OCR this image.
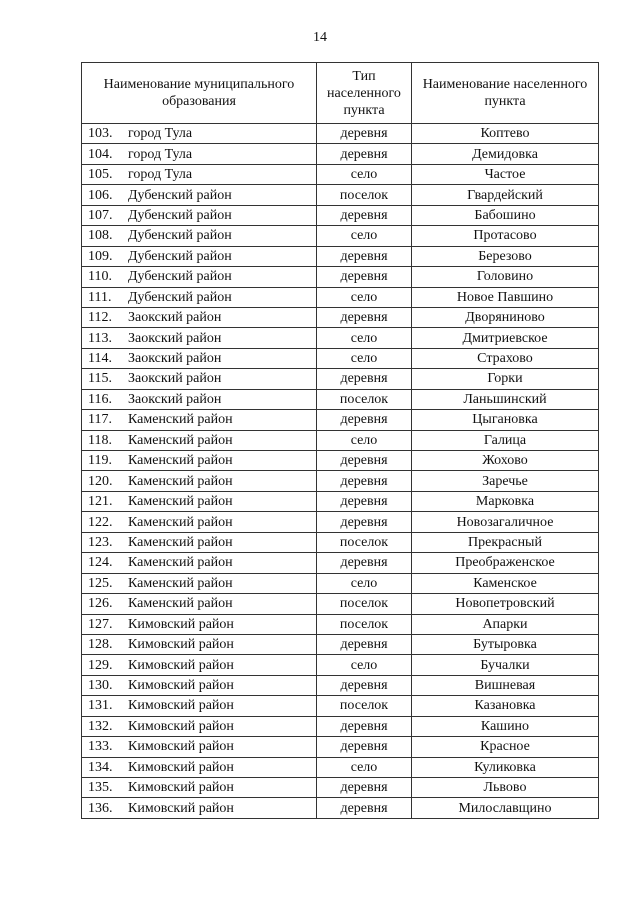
14
Наименование муниципального образования	Тип населенного пункта	Наименование населенного пункта
103. город Тула	деревня	Коптево
104. город Тула	деревня	Демидовка
105. город Тула	село	Частое
106. Дубенский район	поселок	Гвардейский
107. Дубенский район	деревня	Бабошино
108. Дубенский район	село	Протасово
109. Дубенский район	деревня	Березово
110. Дубенский район	деревня	Головино
111. Дубенский район	село	Новое Павшино
112. Заокский район	деревня	Дворяниново
113. Заокский район	село	Дмитриевское
114. Заокский район	село	Страхово
115. Заокский район	деревня	Горки
116. Заокский район	поселок	Ланьшинский
117. Каменский район	деревня	Цыгановка
118. Каменский район	село	Галица
119. Каменский район	деревня	Жохово
120. Каменский район	деревня	Заречье
121. Каменский район	деревня	Марковка
122. Каменский район	деревня	Новозагаличное
123. Каменский район	поселок	Прекрасный
124. Каменский район	деревня	Преображенское
125. Каменский район	село	Каменское
126. Каменский район	поселок	Новопетровский
127. Кимовский район	поселок	Апарки
128. Кимовский район	деревня	Бутыровка
129. Кимовский район	село	Бучалки
130. Кимовский район	деревня	Вишневая
131. Кимовский район	поселок	Казановка
132. Кимовский район	деревня	Кашино
133. Кимовский район	деревня	Красное
134. Кимовский район	село	Куликовка
135. Кимовский район	деревня	Львово
136. Кимовский район	деревня	Милославщино
